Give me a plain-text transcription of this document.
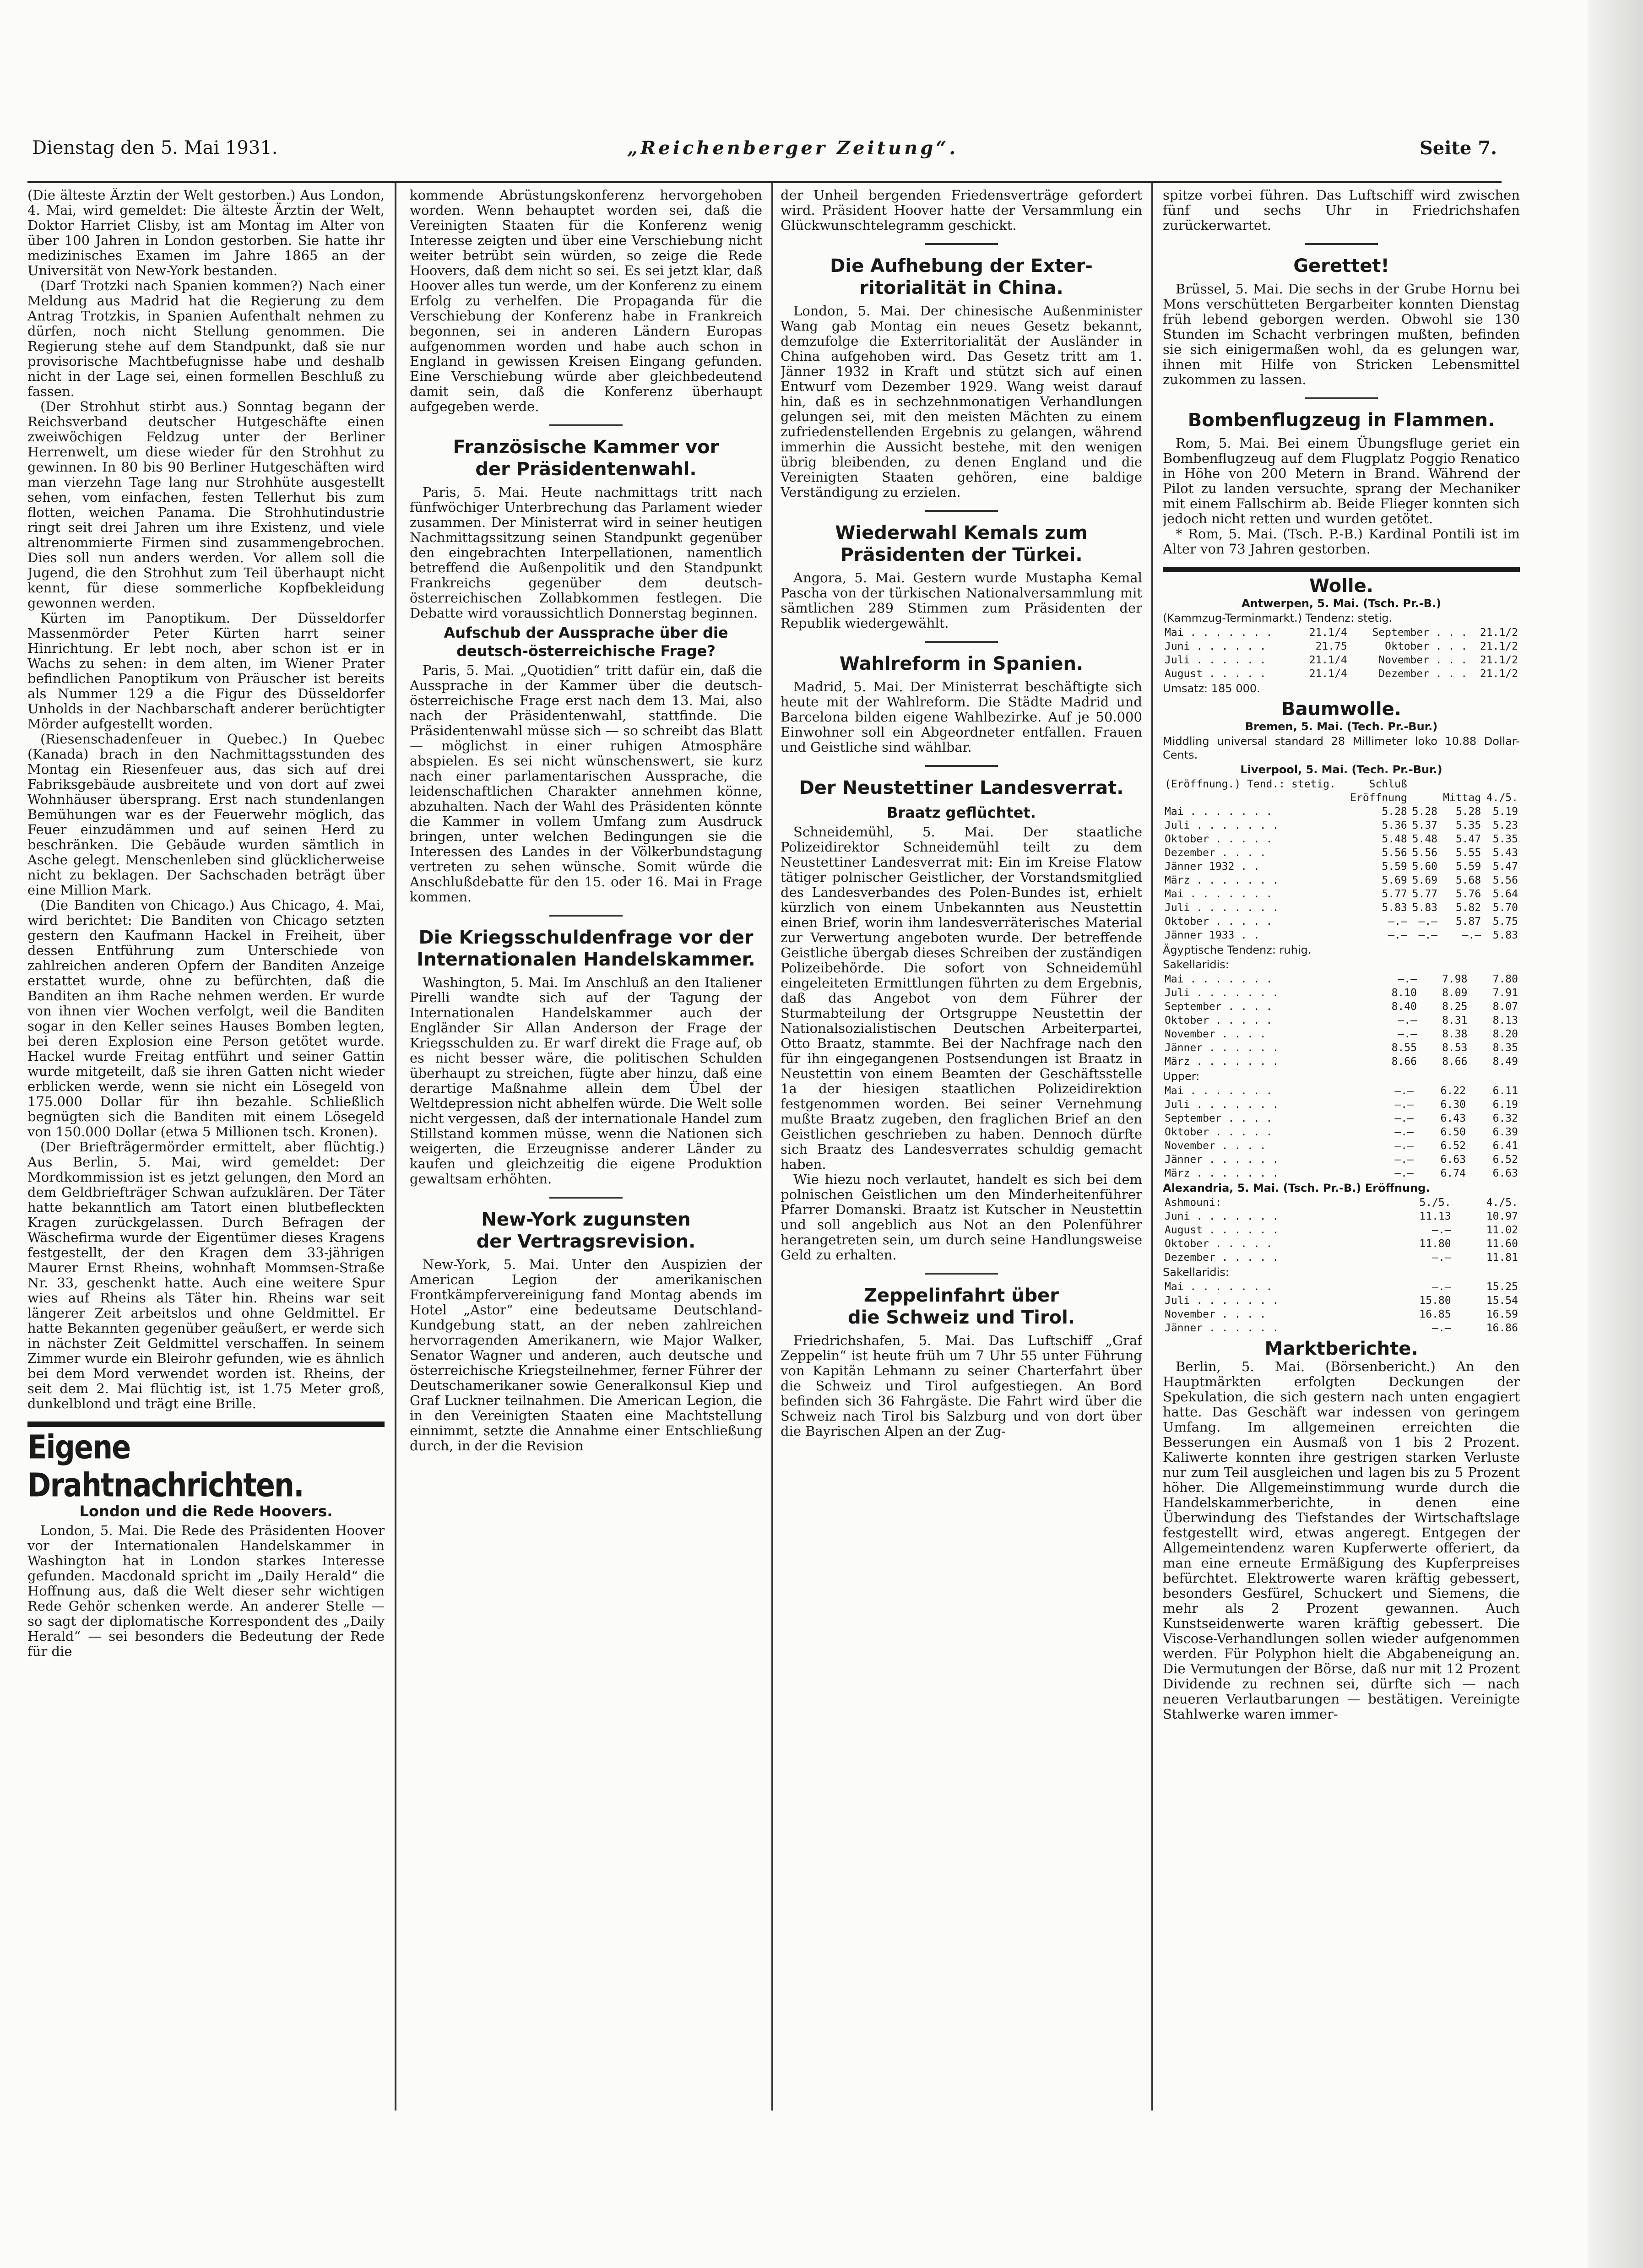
Dienstag den 5. Mai 1931.	„Reichenberger Zeitung“.	Seite 7.

(Die älteste Ärztin der Welt gestorben.) Aus London, 4. Mai, wird gemeldet: Die älteste Ärztin der Welt, Doktor Harriet Clisby, ist am Montag im Alter von über 100 Jahren in London gestorben. Sie hatte ihr medizinisches Examen im Jahre 1865 an der Universität von New-York bestanden.

(Darf Trotzki nach Spanien kommen?) Nach einer Meldung aus Madrid hat die Regierung zu dem Antrag Trotzkis, in Spanien Aufenthalt nehmen zu dürfen, noch nicht Stellung genommen. Die Regierung stehe auf dem Standpunkt, daß sie nur provisorische Machtbefugnisse habe und deshalb nicht in der Lage sei, einen formellen Beschluß zu fassen.

(Der Strohhut stirbt aus.) Sonntag begann der Reichsverband deutscher Hutgeschäfte einen zweiwöchigen Feldzug unter der Berliner Herrenwelt, um diese wieder für den Strohhut zu gewinnen. In 80 bis 90 Berliner Hutgeschäften wird man vierzehn Tage lang nur Strohhüte ausgestellt sehen, vom einfachen, festen Tellerhut bis zum flotten, weichen Panama. Die Strohhutindustrie ringt seit drei Jahren um ihre Existenz, und viele altrenommierte Firmen sind zusammengebrochen. Dies soll nun anders werden. Vor allem soll die Jugend, die den Strohhut zum Teil überhaupt nicht kennt, für diese sommerliche Kopfbekleidung gewonnen werden.

Kürten im Panoptikum. Der Düsseldorfer Massenmörder Peter Kürten harrt seiner Hinrichtung. Er lebt noch, aber schon ist er in Wachs zu sehen: in dem alten, im Wiener Prater befindlichen Panoptikum von Präuscher ist bereits als Nummer 129 a die Figur des Düsseldorfer Unholds in der Nachbarschaft anderer berüchtigter Mörder aufgestellt worden.

(Riesenschadenfeuer in Quebec.) In Quebec (Kanada) brach in den Nachmittagsstunden des Montag ein Riesenfeuer aus, das sich auf drei Fabriksgebäude ausbreitete und von dort auf zwei Wohnhäuser übersprang. Erst nach stundenlangen Bemühungen war es der Feuerwehr möglich, das Feuer einzudämmen und auf seinen Herd zu beschränken. Die Gebäude wurden sämtlich in Asche gelegt. Menschenleben sind glücklicherweise nicht zu beklagen. Der Sachschaden beträgt über eine Million Mark.

(Die Banditen von Chicago.) Aus Chicago, 4. Mai, wird berichtet: Die Banditen von Chicago setzten gestern den Kaufmann Hackel in Freiheit, über dessen Entführung zum Unterschiede von zahlreichen anderen Opfern der Banditen Anzeige erstattet wurde, ohne zu befürchten, daß die Banditen an ihm Rache nehmen werden. Er wurde von ihnen vier Wochen verfolgt, weil die Banditen sogar in den Keller seines Hauses Bomben legten, bei deren Explosion eine Person getötet wurde. Hackel wurde Freitag entführt und seiner Gattin wurde mitgeteilt, daß sie ihren Gatten nicht wieder erblicken werde, wenn sie nicht ein Lösegeld von 175.000 Dollar für ihn bezahle. Schließlich begnügten sich die Banditen mit einem Lösegeld von 150.000 Dollar (etwa 5 Millionen tsch. Kronen).

(Der Briefträgermörder ermittelt, aber flüchtig.) Aus Berlin, 5. Mai, wird gemeldet: Der Mordkommission ist es jetzt gelungen, den Mord an dem Geldbriefträger Schwan aufzuklären. Der Täter hatte bekanntlich am Tatort einen blutbefleckten Kragen zurückgelassen. Durch Befragen der Wäschefirma wurde der Eigentümer dieses Kragens festgestellt, der den Kragen dem 33-jährigen Maurer Ernst Rheins, wohnhaft Mommsen-Straße Nr. 33, geschenkt hatte. Auch eine weitere Spur wies auf Rheins als Täter hin. Rheins war seit längerer Zeit arbeitslos und ohne Geldmittel. Er hatte Bekannten gegenüber geäußert, er werde sich in nächster Zeit Geldmittel verschaffen. In seinem Zimmer wurde ein Bleirohr gefunden, wie es ähnlich bei dem Mord verwendet worden ist. Rheins, der seit dem 2. Mai flüchtig ist, ist 1.75 Meter groß, dunkelblond und trägt eine Brille.

Eigene Drahtnachrichten.
London und die Rede Hoovers.

London, 5. Mai. Die Rede des Präsidenten Hoover vor der Internationalen Handelskammer in Washington hat in London starkes Interesse gefunden. Macdonald spricht im „Daily Herald“ die Hoffnung aus, daß die Welt dieser sehr wichtigen Rede Gehör schenken werde. An anderer Stelle — so sagt der diplomatische Korrespondent des „Daily Herald“ — sei besonders die Bedeutung der Rede für die

kommende Abrüstungskonferenz hervorgehoben worden. Wenn behauptet worden sei, daß die Vereinigten Staaten für die Konferenz wenig Interesse zeigten und über eine Verschiebung nicht weiter betrübt sein würden, so zeige die Rede Hoovers, daß dem nicht so sei. Es sei jetzt klar, daß Hoover alles tun werde, um der Konferenz zu einem Erfolg zu verhelfen. Die Propaganda für die Verschiebung der Konferenz habe in Frankreich begonnen, sei in anderen Ländern Europas aufgenommen worden und habe auch schon in England in gewissen Kreisen Eingang gefunden. Eine Verschiebung würde aber gleichbedeutend damit sein, daß die Konferenz überhaupt aufgegeben werde.

Französische Kammer vor
der Präsidentenwahl.

Paris, 5. Mai. Heute nachmittags tritt nach fünfwöchiger Unterbrechung das Parlament wieder zusammen. Der Ministerrat wird in seiner heutigen Nachmittagssitzung seinen Standpunkt gegenüber den eingebrachten Interpellationen, namentlich betreffend die Außenpolitik und den Standpunkt Frankreichs gegenüber dem deutsch-österreichischen Zollabkommen festlegen. Die Debatte wird voraussichtlich Donnerstag beginnen.

Aufschub der Aussprache über die deutsch-österreichische Frage?

Paris, 5. Mai. „Quotidien“ tritt dafür ein, daß die Aussprache in der Kammer über die deutsch-österreichische Frage erst nach dem 13. Mai, also nach der Präsidentenwahl, stattfinde. Die Präsidentenwahl müsse sich — so schreibt das Blatt — möglichst in einer ruhigen Atmosphäre abspielen. Es sei nicht wünschenswert, sie kurz nach einer parlamentarischen Aussprache, die leidenschaftlichen Charakter annehmen könne, abzuhalten. Nach der Wahl des Präsidenten könnte die Kammer in vollem Umfang zum Ausdruck bringen, unter welchen Bedingungen sie die Interessen des Landes in der Völkerbundstagung vertreten zu sehen wünsche. Somit würde die Anschlußdebatte für den 15. oder 16. Mai in Frage kommen.

Die Kriegsschuldenfrage vor der
Internationalen Handelskammer.

Washington, 5. Mai. Im Anschluß an den Italiener Pirelli wandte sich auf der Tagung der Internationalen Handelskammer auch der Engländer Sir Allan Anderson der Frage der Kriegsschulden zu. Er warf direkt die Frage auf, ob es nicht besser wäre, die politischen Schulden überhaupt zu streichen, fügte aber hinzu, daß eine derartige Maßnahme allein dem Übel der Weltdepression nicht abhelfen würde. Die Welt solle nicht vergessen, daß der internationale Handel zum Stillstand kommen müsse, wenn die Nationen sich weigerten, die Erzeugnisse anderer Länder zu kaufen und gleichzeitig die eigene Produktion gewaltsam erhöhten.

New-York zugunsten
der Vertragsrevision.

New-York, 5. Mai. Unter den Auspizien der American Legion der amerikanischen Frontkämpfervereinigung fand Montag abends im Hotel „Astor“ eine bedeutsame Deutschland-Kundgebung statt, an der neben zahlreichen hervorragenden Amerikanern, wie Major Walker, Senator Wagner und anderen, auch deutsche und österreichische Kriegsteilnehmer, ferner Führer der Deutschamerikaner sowie Generalkonsul Kiep und Graf Luckner teilnahmen. Die American Legion, die in den Vereinigten Staaten eine Machtstellung einnimmt, setzte die Annahme einer Entschließung durch, in der die Revision

der Unheil bergenden Friedensverträge gefordert wird. Präsident Hoover hatte der Versammlung ein Glückwunschtelegramm geschickt.

Die Aufhebung der Exter-
ritorialität in China.

London, 5. Mai. Der chinesische Außenminister Wang gab Montag ein neues Gesetz bekannt, demzufolge die Exterritorialität der Ausländer in China aufgehoben wird. Das Gesetz tritt am 1. Jänner 1932 in Kraft und stützt sich auf einen Entwurf vom Dezember 1929. Wang weist darauf hin, daß es in sechzehnmonatigen Verhandlungen gelungen sei, mit den meisten Mächten zu einem zufriedenstellenden Ergebnis zu gelangen, während immerhin die Aussicht bestehe, mit den wenigen übrig bleibenden, zu denen England und die Vereinigten Staaten gehören, eine baldige Verständigung zu erzielen.

Wiederwahl Kemals zum
Präsidenten der Türkei.

Angora, 5. Mai. Gestern wurde Mustapha Kemal Pascha von der türkischen Nationalversammlung mit sämtlichen 289 Stimmen zum Präsidenten der Republik wiedergewählt.

Wahlreform in Spanien.

Madrid, 5. Mai. Der Ministerrat beschäftigte sich heute mit der Wahlreform. Die Städte Madrid und Barcelona bilden eigene Wahlbezirke. Auf je 50.000 Einwohner soll ein Abgeordneter entfallen. Frauen und Geistliche sind wählbar.

Der Neustettiner Landesverrat.
Braatz geflüchtet.

Schneidemühl, 5. Mai. Der staatliche Polizeidirektor Schneidemühl teilt zu dem Neustettiner Landesverrat mit: Ein im Kreise Flatow tätiger polnischer Geistlicher, der Vorstandsmitglied des Landesverbandes des Polen-Bundes ist, erhielt kürzlich von einem Unbekannten aus Neustettin einen Brief, worin ihm landesverräterisches Material zur Verwertung angeboten wurde. Der betreffende Geistliche übergab dieses Schreiben der zuständigen Polizeibehörde. Die sofort von Schneidemühl eingeleiteten Ermittlungen führten zu dem Ergebnis, daß das Angebot von dem Führer der Sturmabteilung der Ortsgruppe Neustettin der Nationalsozialistischen Deutschen Arbeiterpartei, Otto Braatz, stammte. Bei der Nachfrage nach den für ihn eingegangenen Postsendungen ist Braatz in Neustettin von einem Beamten der Geschäftsstelle 1a der hiesigen staatlichen Polizeidirektion festgenommen worden. Bei seiner Vernehmung mußte Braatz zugeben, den fraglichen Brief an den Geistlichen geschrieben zu haben. Dennoch dürfte sich Braatz des Landesverrates schuldig gemacht haben.

Wie hiezu noch verlautet, handelt es sich bei dem polnischen Geistlichen um den Minderheitenführer Pfarrer Domanski. Braatz ist Kutscher in Neustettin und soll angeblich aus Not an den Polenführer herangetreten sein, um durch seine Handlungsweise Geld zu erhalten.

Zeppelinfahrt über
die Schweiz und Tirol.

Friedrichshafen, 5. Mai. Das Luftschiff „Graf Zeppelin“ ist heute früh um 7 Uhr 55 unter Führung von Kapitän Lehmann zu seiner Charterfahrt über die Schweiz und Tirol aufgestiegen. An Bord befinden sich 36 Fahrgäste. Die Fahrt wird über die Schweiz nach Tirol bis Salzburg und von dort über die Bayrischen Alpen an der Zug-

spitze vorbei führen. Das Luftschiff wird zwischen fünf und sechs Uhr in Friedrichshafen zurückerwartet.

Gerettet!

Brüssel, 5. Mai. Die sechs in der Grube Hornu bei Mons verschütteten Bergarbeiter konnten Dienstag früh lebend geborgen werden. Obwohl sie 130 Stunden im Schacht verbringen mußten, befinden sie sich einigermaßen wohl, da es gelungen war, ihnen mit Hilfe von Stricken Lebensmittel zukommen zu lassen.

Bombenflugzeug in Flammen.

Rom, 5. Mai. Bei einem Übungsfluge geriet ein Bombenflugzeug auf dem Flugplatz Poggio Renatico in Höhe von 200 Metern in Brand. Während der Pilot zu landen versuchte, sprang der Mechaniker mit einem Fallschirm ab. Beide Flieger konnten sich jedoch nicht retten und wurden getötet.

* Rom, 5. Mai. (Tsch. P.-B.) Kardinal Pontili ist im Alter von 73 Jahren gestorben.

Wolle.
Antwerpen, 5. Mai. (Tsch. Pr.-B.)
(Kammzug-Terminmarkt.) Tendenz: stetig.
Mai . . . . . . .	21.1/4	September . . .	21.1/2
Juni . . . . . .	21.75	Oktober . . .	21.1/2
Juli . . . . . .	21.1/4	November . . .	21.1/2
August . . . . .	21.1/4	Dezember . . .	21.1/2
Umsatz: 185 000.
Baumwolle.
Bremen, 5. Mai. (Tech. Pr.-Bur.)
Middling universal standard 28 Millimeter loko 10.88 Dollar-Cents.
Liverpool, 5. Mai. (Tech. Pr.-Bur.)
(Eröffnung.) Tend.: stetig.	Schluß			
	Eröffnung		Mittag	4./5.
Mai . . . . . . .	5.28	5.28	5.28	5.19
Juli . . . . . . .	5.36	5.37	5.35	5.23
Oktober . . . . .	5.48	5.48	5.47	5.35
Dezember . . . .	5.56	5.56	5.55	5.43
Jänner 1932 . .	5.59	5.60	5.59	5.47
März . . . . . . .	5.69	5.69	5.68	5.56
Mai . . . . . . .	5.77	5.77	5.76	5.64
Juli . . . . . . .	5.83	5.83	5.82	5.70
Oktober . . . . .	—.—	—.—	5.87	5.75
Jänner 1933 . .	—.—	—.—	—.—	5.83
Ägyptische Tendenz: ruhig.
Sakellaridis:
Mai . . . . . . .	—.—	7.98	7.80
Juli . . . . . . .	8.10	8.09	7.91
September . . . .	8.40	8.25	8.07
Oktober . . . . .	—.—	8.31	8.13
November . . . .	—.—	8.38	8.20
Jänner . . . . . .	8.55	8.53	8.35
März . . . . . . .	8.66	8.66	8.49
Upper:
Mai . . . . . . .	—.—	6.22	6.11
Juli . . . . . . .	—.—	6.30	6.19
September . . . .	—.—	6.43	6.32
Oktober . . . . .	—.—	6.50	6.39
November . . . .	—.—	6.52	6.41
Jänner . . . . . .	—.—	6.63	6.52
März . . . . . . .	—.—	6.74	6.63
Alexandria, 5. Mai. (Tsch. Pr.-B.) Eröffnung.
Ashmouni:	5./5.	4./5.
Juni . . . . . . .	11.13	10.97
August . . . . . .	—.—	11.02
Oktober . . . . .	11.80	11.60
Dezember . . . . .	—.—	11.81
Sakellaridis:
Mai . . . . . . .	—.—	15.25
Juli . . . . . . .	15.80	15.54
November . . . .	16.85	16.59
Jänner . . . . . .	—.—	16.86
Marktberichte.

Berlin, 5. Mai. (Börsenbericht.) An den Hauptmärkten erfolgten Deckungen der Spekulation, die sich gestern nach unten engagiert hatte. Das Geschäft war indessen von geringem Umfang. Im allgemeinen erreichten die Besserungen ein Ausmaß von 1 bis 2 Prozent. Kaliwerte konnten ihre gestrigen starken Verluste nur zum Teil ausgleichen und lagen bis zu 5 Prozent höher. Die Allgemeinstimmung wurde durch die Handelskammerberichte, in denen eine Überwindung des Tiefstandes der Wirtschaftslage festgestellt wird, etwas angeregt. Entgegen der Allgemeintendenz waren Kupferwerte offeriert, da man eine erneute Ermäßigung des Kupferpreises befürchtet. Elektrowerte waren kräftig gebessert, besonders Gesfürel, Schuckert und Siemens, die mehr als 2 Prozent gewannen. Auch Kunstseidenwerte waren kräftig gebessert. Die Viscose-Verhandlungen sollen wieder aufgenommen werden. Für Polyphon hielt die Abgabeneigung an. Die Vermutungen der Börse, daß nur mit 12 Prozent Dividende zu rechnen sei, dürfte sich — nach neueren Verlautbarungen — bestätigen. Vereinigte Stahlwerke waren immer-
